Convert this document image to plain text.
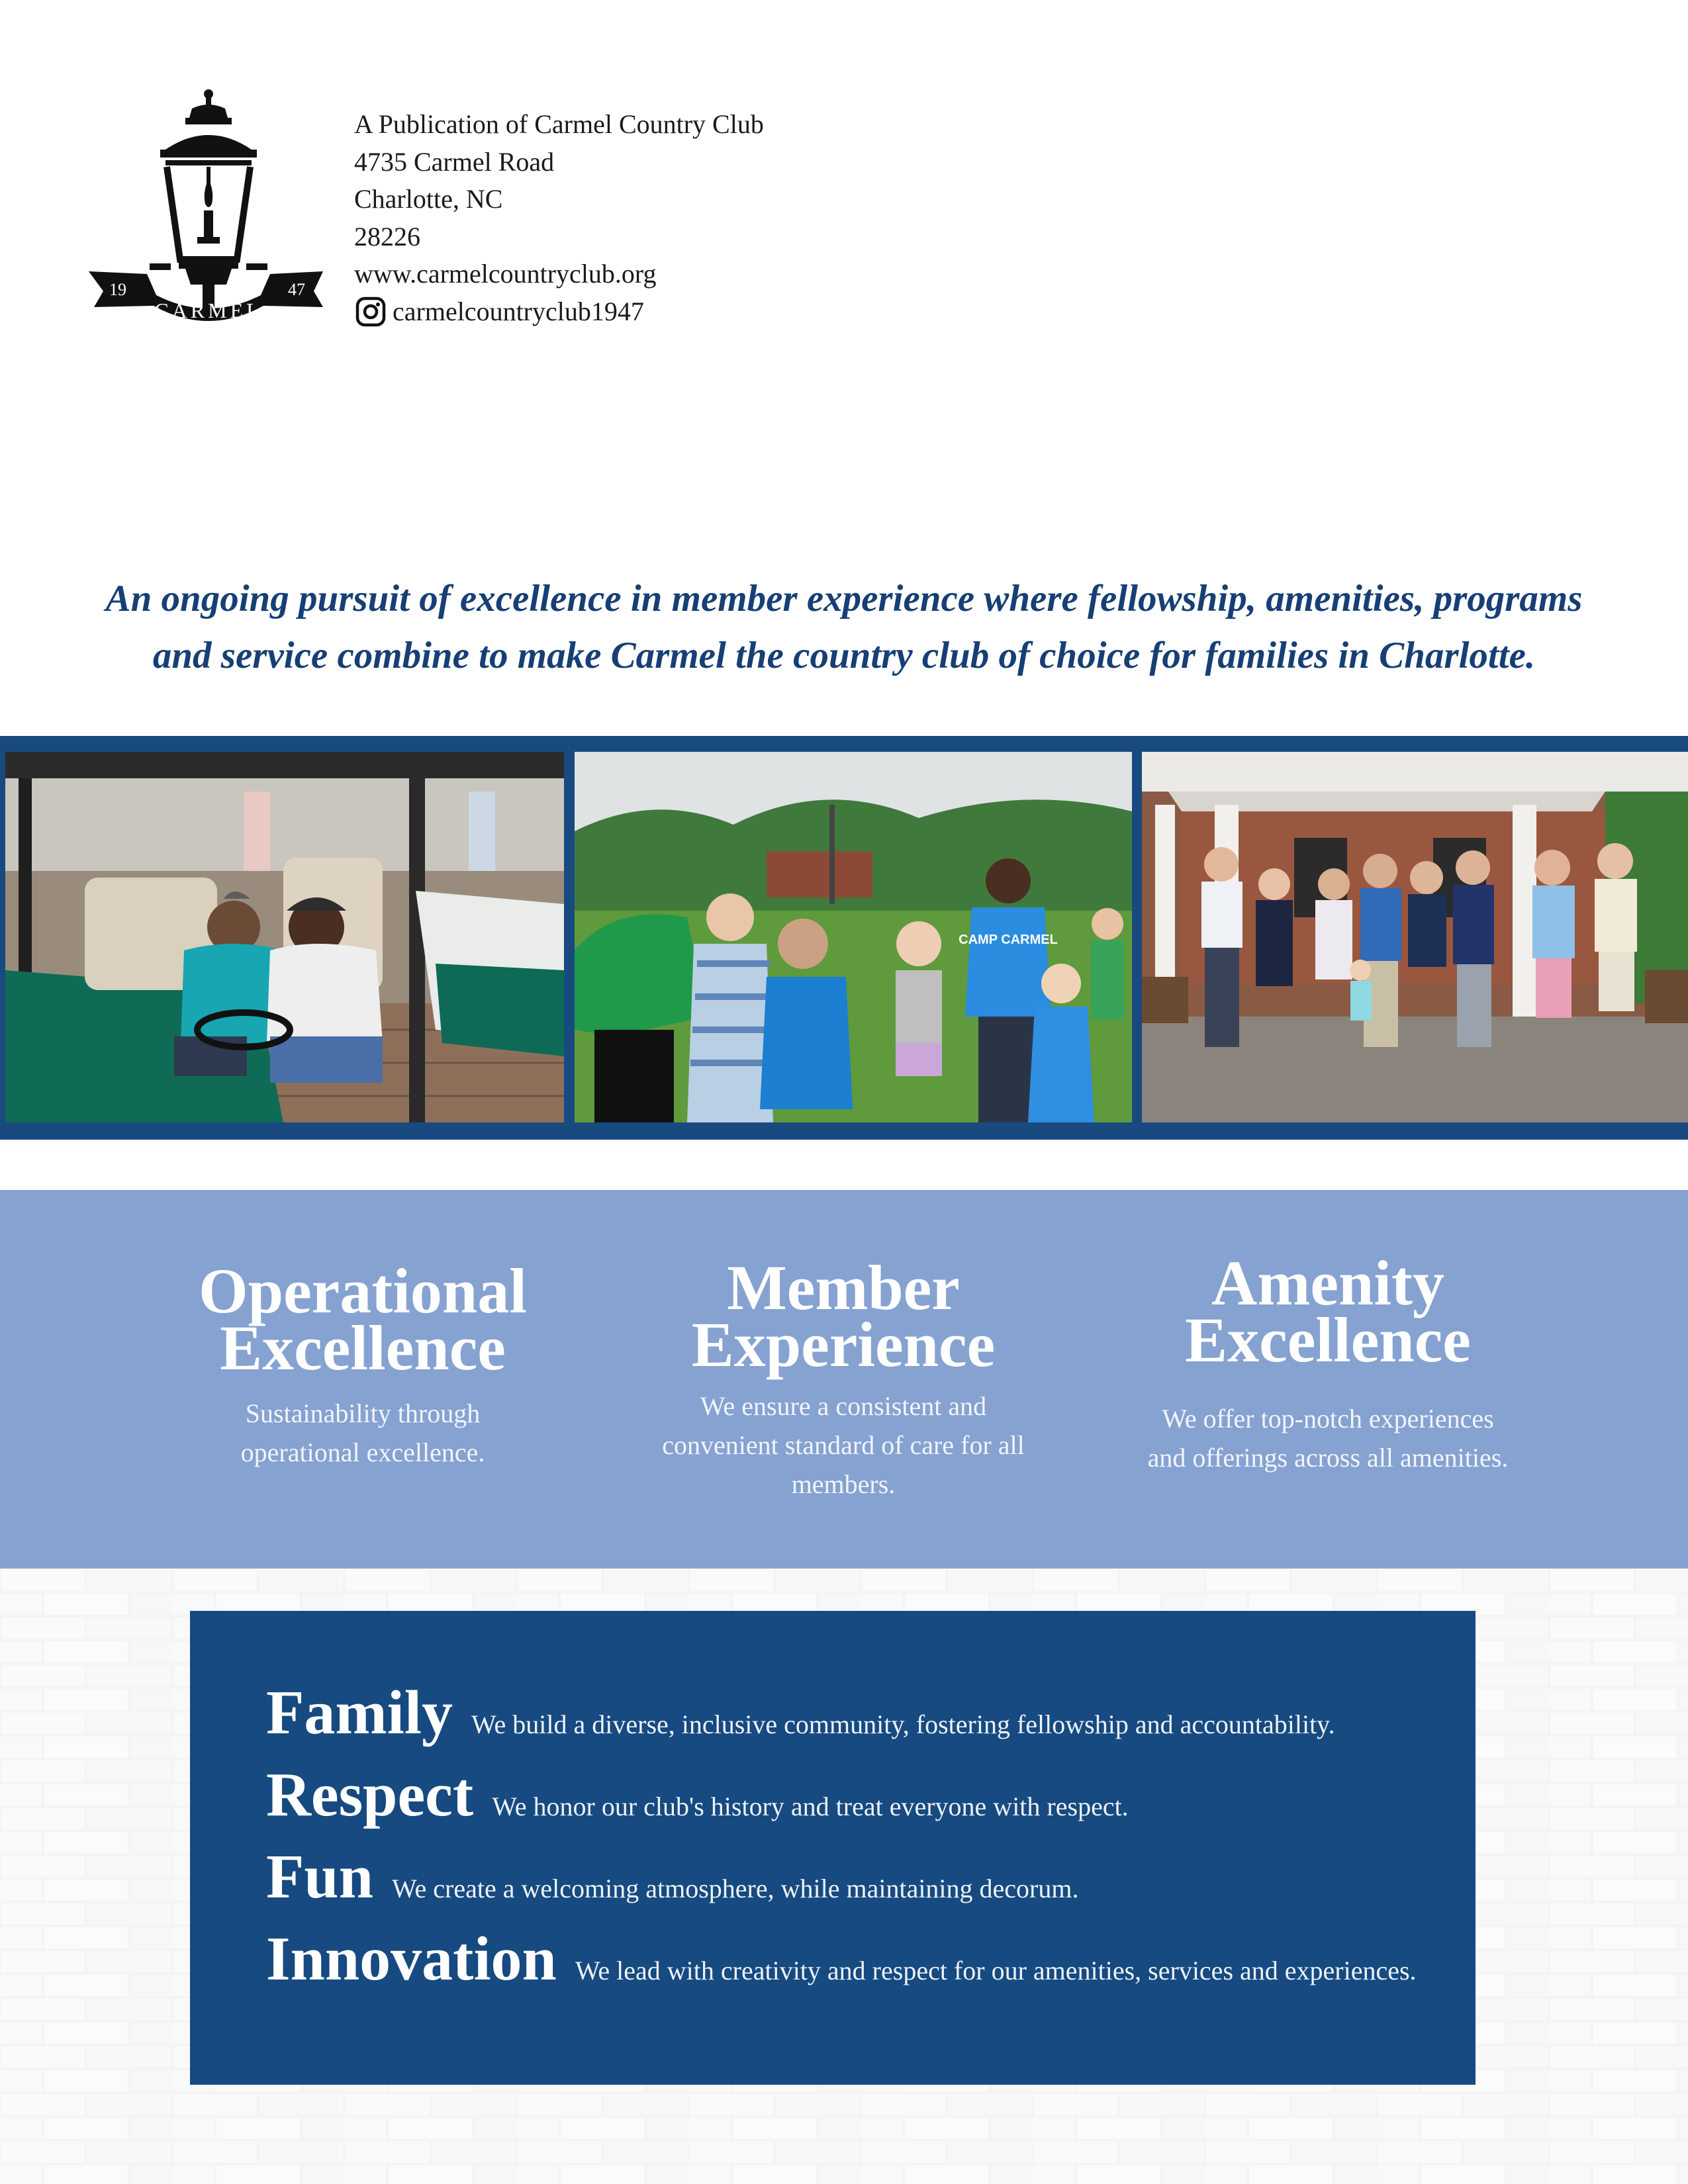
19	47
CARMEL
A Publication of Carmel Country Club
4735 Carmel Road
Charlotte, NC
28226
www.carmelcountryclub.org
carmelcountryclub1947
An ongoing pursuit of excellence in member experience where fellowship, amenities, programs
and service combine to make Carmel the country club of choice for families in Charlotte.
CAMP CARMEL
Operational
Excellence

Sustainability through
operational excellence.

Member
Experience

We ensure a consistent and
convenient standard of care for all
members.

Amenity
Excellence

We offer top-notch experiences
and offerings across all amenities.

Family We build a diverse, inclusive community, fostering fellowship and accountability.
Respect We honor our club's history and treat everyone with respect.
Fun We create a welcoming atmosphere, while maintaining decorum.
Innovation We lead with creativity and respect for our amenities, services and experiences.
